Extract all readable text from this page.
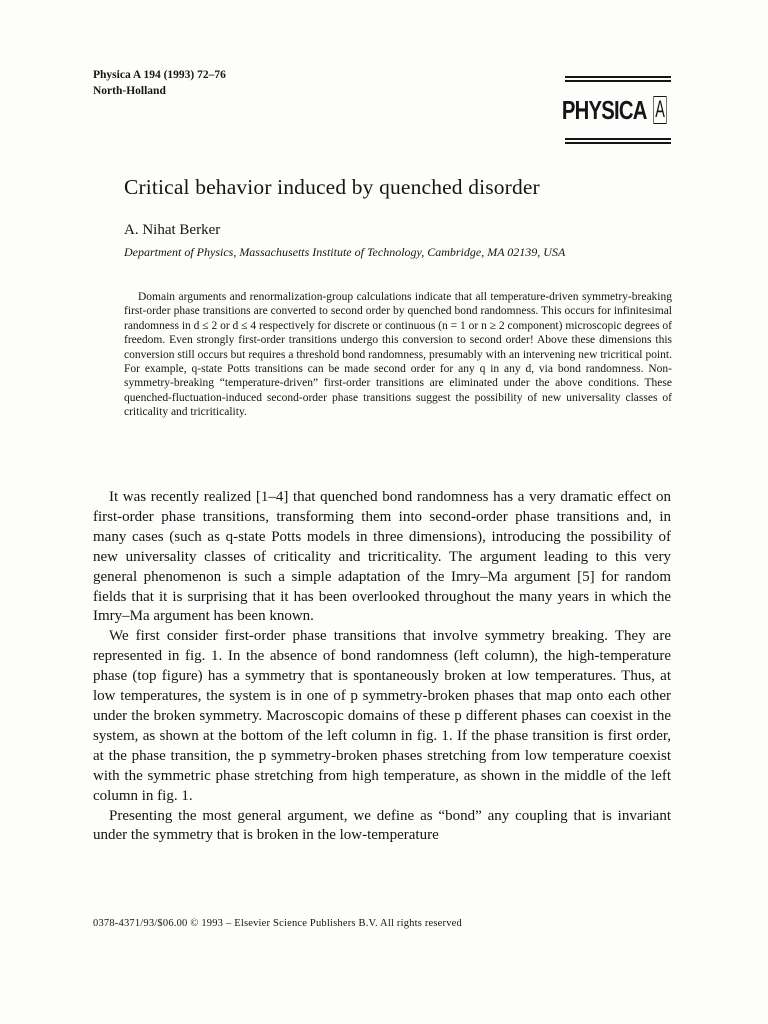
Physica A 194 (1993) 72–76
North-Holland
PHYSICA A
Critical behavior induced by quenched disorder
A. Nihat Berker
Department of Physics, Massachusetts Institute of Technology, Cambridge, MA 02139, USA

Domain arguments and renormalization-group calculations indicate that all temperature-driven symmetry-breaking first-order phase transitions are converted to second order by quenched bond randomness. This occurs for infinitesimal randomness in d ≤ 2 or d ≤ 4 respectively for discrete or continuous (n = 1 or n ≥ 2 component) microscopic degrees of freedom. Even strongly first-order transitions undergo this conversion to second order! Above these dimensions this conversion still occurs but requires a threshold bond randomness, presumably with an intervening new tricritical point. For example, q-state Potts transitions can be made second order for any q in any d, via bond randomness. Non-symmetry-breaking “temperature-driven” first-order transitions are eliminated under the above conditions. These quenched-fluctuation-induced second-order phase transitions suggest the possibility of new universality classes of criticality and tricriticality.

It was recently realized [1–4] that quenched bond randomness has a very dramatic effect on first-order phase transitions, transforming them into second-order phase transitions and, in many cases (such as q-state Potts models in three dimensions), introducing the possibility of new universality classes of criticality and tricriticality. The argument leading to this very general phenomenon is such a simple adaptation of the Imry–Ma argument [5] for random fields that it is surprising that it has been overlooked throughout the many years in which the Imry–Ma argument has been known.

We first consider first-order phase transitions that involve symmetry breaking. They are represented in fig. 1. In the absence of bond randomness (left column), the high-temperature phase (top figure) has a symmetry that is spontaneously broken at low temperatures. Thus, at low temperatures, the system is in one of p symmetry-broken phases that map onto each other under the broken symmetry. Macroscopic domains of these p different phases can coexist in the system, as shown at the bottom of the left column in fig. 1. If the phase transition is first order, at the phase transition, the p symmetry-broken phases stretching from low temperature coexist with the symmetric phase stretching from high temperature, as shown in the middle of the left column in fig. 1.

Presenting the most general argument, we define as “bond” any coupling that is invariant under the symmetry that is broken in the low-temperature

0378-4371/93/$06.00 © 1993 – Elsevier Science Publishers B.V. All rights reserved
